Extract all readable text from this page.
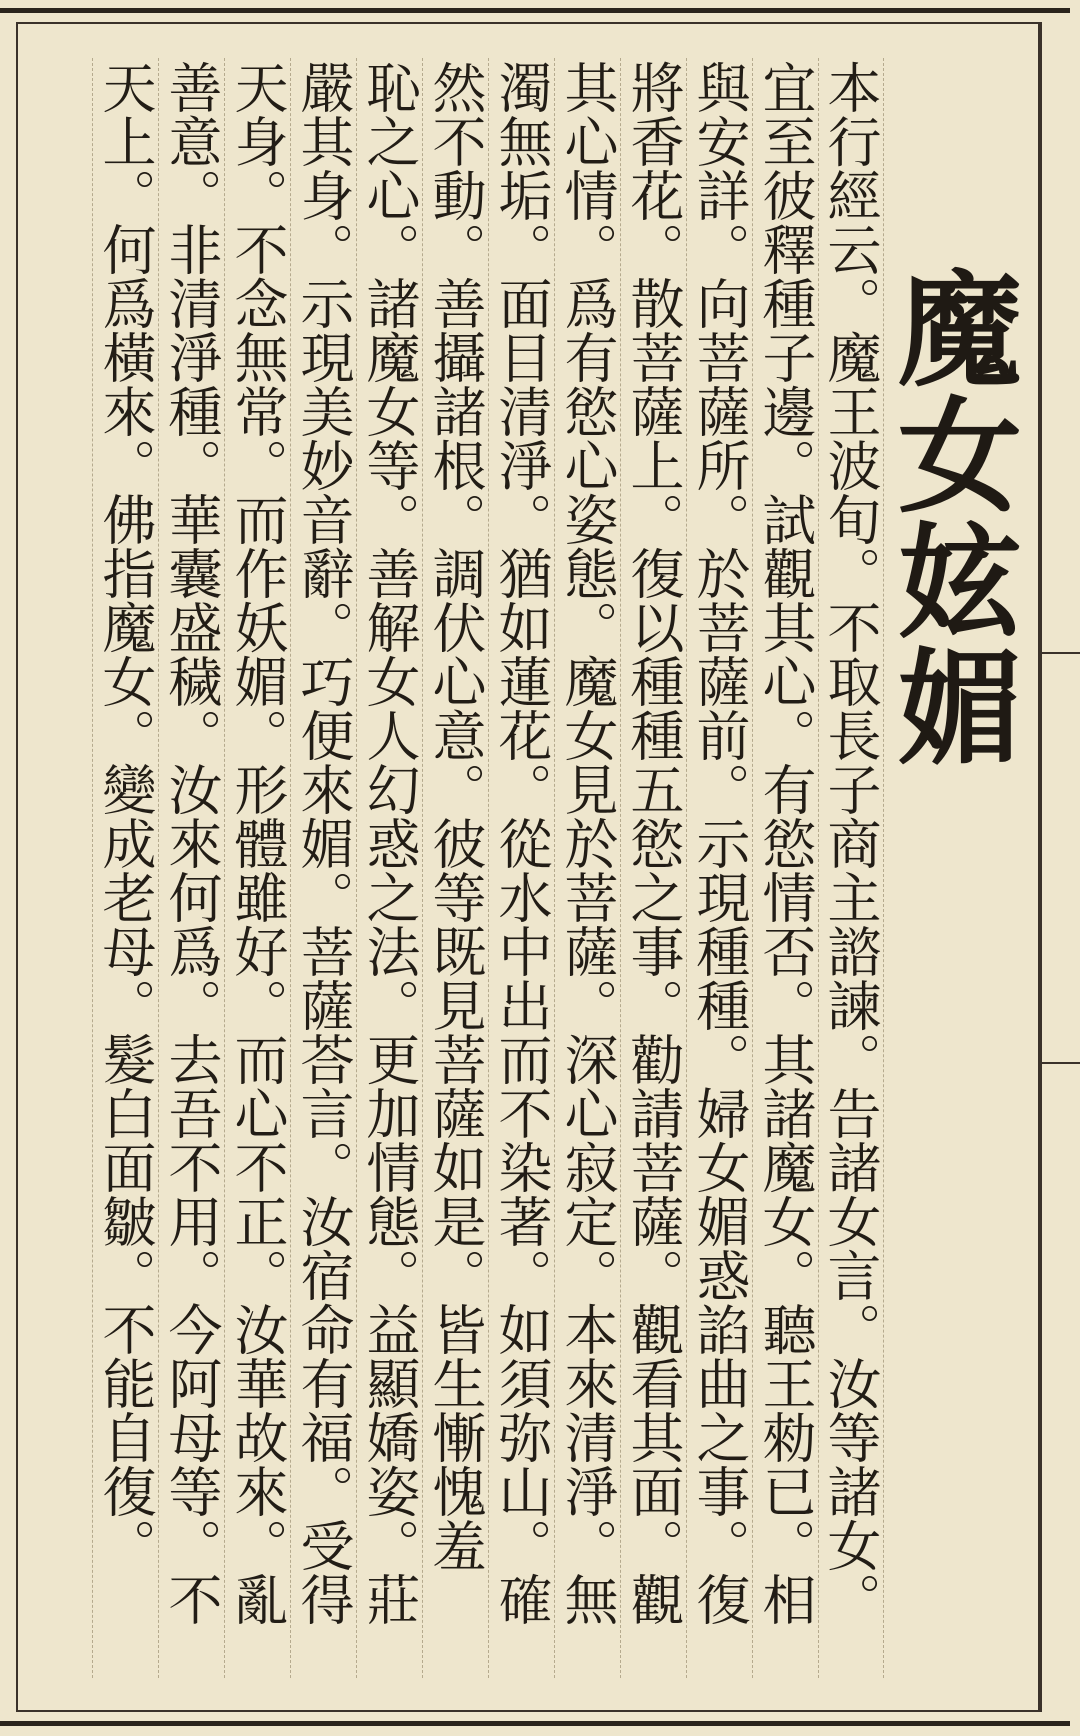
魔女妶媚
本行經云。魔王波旬。不取長子商主諮諫。告諸女言。汝等諸女。
宜至彼釋種子邊。試觀其心。有慾情否。其諸魔女。聽王勑已。相
與安詳。向菩薩所。於菩薩前。示現種種。婦女媚惑諂曲之事。復
將香花。散菩薩上。復以種種五慾之事。勸請菩薩。觀看其面。觀
其心情。爲有慾心姿態。魔女見於菩薩。深心寂定。本來清淨。無
濁無垢。面目清淨。猶如蓮花。從水中出而不染著。如須弥山。確
然不動。善攝諸根。調伏心意。彼等既見菩薩如是。皆生慚愧羞
恥之心。諸魔女等。善解女人幻惑之法。更加情態。益顯嬌姿。莊
嚴其身。示現美妙音辭。巧便來媚。菩薩荅言。汝宿命有福。受得
天身。不念無常。而作妖媚。形體雖好。而心不正。汝華故來。亂
善意。非清淨種。華囊盛穢。汝來何爲。去吾不用。今阿母等。不
天上。何爲橫來。佛指魔女。變成老母。髮白面皺。不能自復。
